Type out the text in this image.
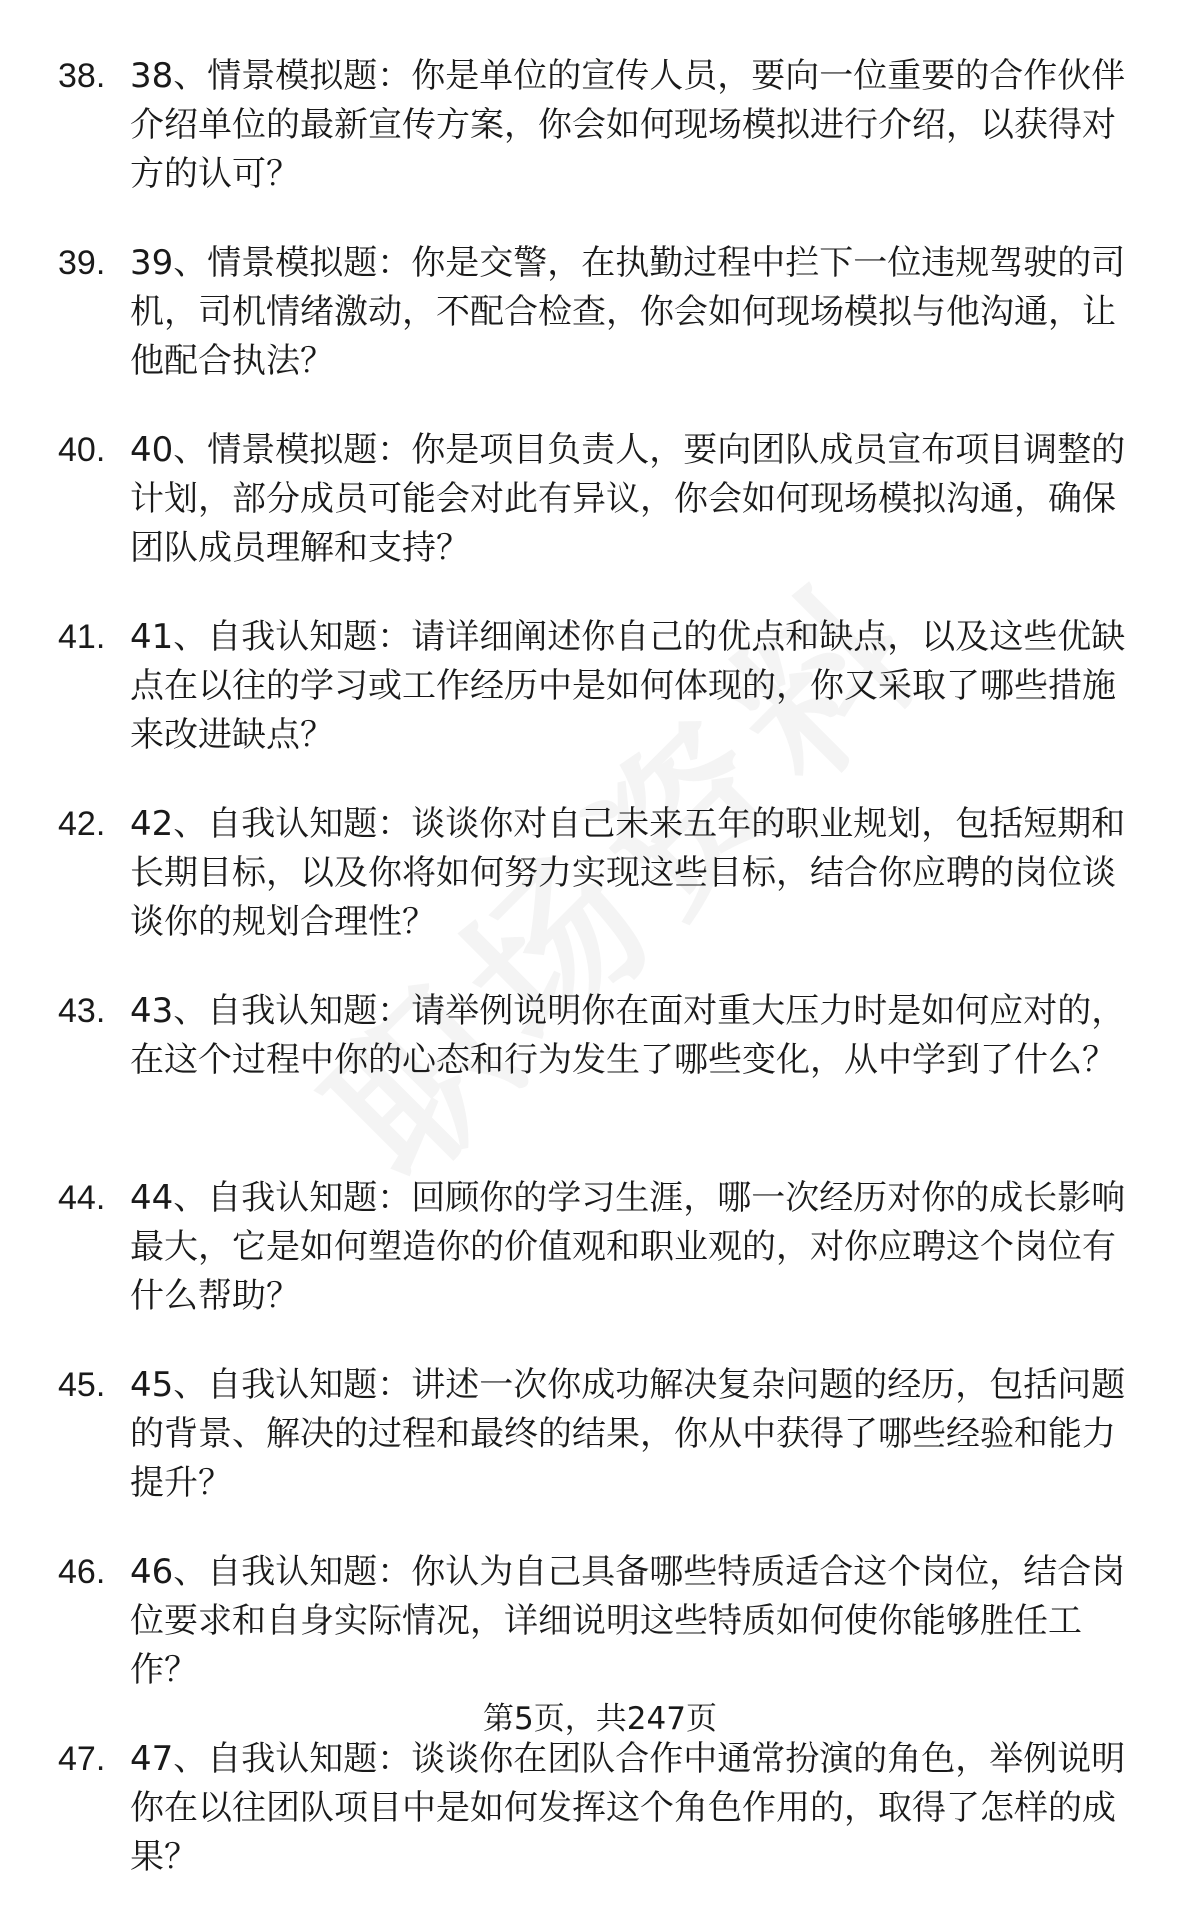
38. 38、情景模拟题：你是单位的宣传人员，要向一位重要的合作伙伴介绍单位的最新宣传方案，你会如何现场模拟进行介绍，以获得对方的认可？
39. 39、情景模拟题：你是交警，在执勤过程中拦下一位违规驾驶的司机，司机情绪激动，不配合检查，你会如何现场模拟与他沟通，让他配合执法？
40. 40、情景模拟题：你是项目负责人，要向团队成员宣布项目调整的计划，部分成员可能会对此有异议，你会如何现场模拟沟通，确保团队成员理解和支持？
41. 41、自我认知题：请详细阐述你自己的优点和缺点，以及这些优缺点在以往的学习或工作经历中是如何体现的，你又采取了哪些措施来改进缺点？
42. 42、自我认知题：谈谈你对自己未来五年的职业规划，包括短期和长期目标，以及你将如何努力实现这些目标，结合你应聘的岗位谈谈你的规划合理性？
43. 43、自我认知题：请举例说明你在面对重大压力时是如何应对的，在这个过程中你的心态和行为发生了哪些变化，从中学到了什么？
44. 44、自我认知题：回顾你的学习生涯，哪一次经历对你的成长影响最大，它是如何塑造你的价值观和职业观的，对你应聘这个岗位有什么帮助？
45. 45、自我认知题：讲述一次你成功解决复杂问题的经历，包括问题的背景、解决的过程和最终的结果，你从中获得了哪些经验和能力提升？
46. 46、自我认知题：你认为自己具备哪些特质适合这个岗位，结合岗位要求和自身实际情况，详细说明这些特质如何使你能够胜任工作？
47. 47、自我认知题：谈谈你在团队合作中通常扮演的角色，举例说明你在以往团队项目中是如何发挥这个角色作用的，取得了怎样的成果？
第5页，共247页
